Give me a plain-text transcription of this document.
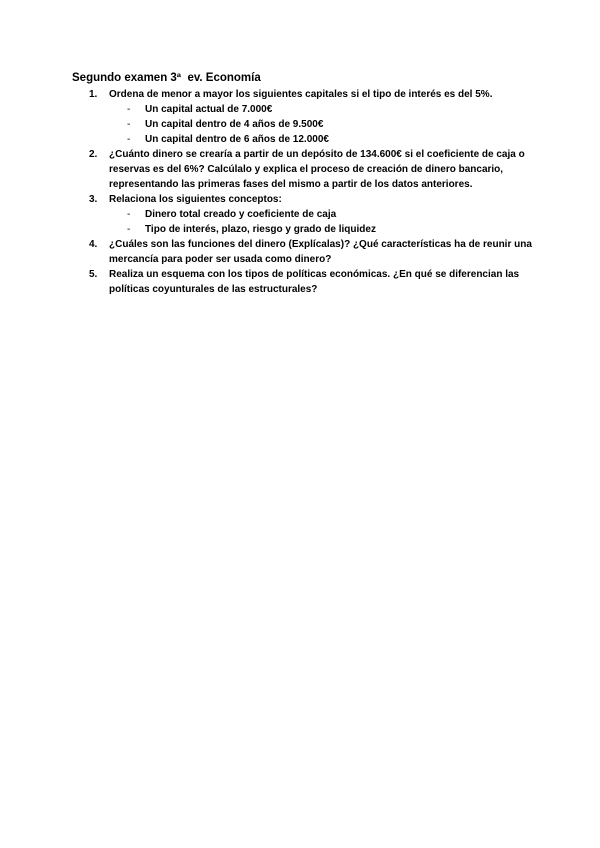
Segundo examen 3ª  ev. Economía
1. Ordena de menor a mayor los siguientes capitales si el tipo de interés es del 5%.
- Un capital actual de 7.000€
- Un capital dentro de 4 años de 9.500€
- Un capital dentro de 6 años de 12.000€
2. ¿Cuánto dinero se crearía a partir de un depósito de 134.600€ si el coeficiente de caja o reservas es del 6%? Calcúlalo y explica el proceso de creación de dinero bancario, representando las primeras fases del mismo a partir de los datos anteriores.
3. Relaciona los siguientes conceptos:
- Dinero total creado y coeficiente de caja
- Tipo de interés, plazo, riesgo y grado de liquidez
4. ¿Cuáles son las funciones del dinero (Explícalas)? ¿Qué características ha de reunir una mercancía para poder ser usada como dinero?
5. Realiza un esquema con los tipos de políticas económicas. ¿En qué se diferencian las políticas coyunturales de las estructurales?
